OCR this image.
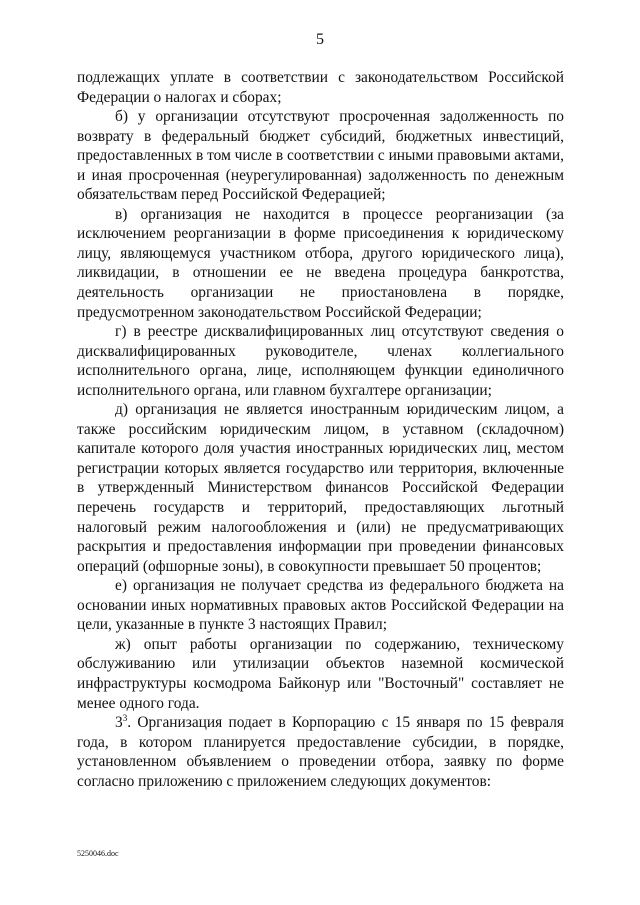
5

подлежащих уплате в соответствии с законодательством Российской Федерации о налогах и сборах;

б) у организации отсутствуют просроченная задолженность по возврату в федеральный бюджет субсидий, бюджетных инвестиций, предоставленных в том числе в соответствии с иными правовыми актами, и иная просроченная (неурегулированная) задолженность по денежным обязательствам перед Российской Федерацией;

в) организация не находится в процессе реорганизации (за исключением реорганизации в форме присоединения к юридическому лицу, являющемуся участником отбора, другого юридического лица), ликвидации, в отношении ее не введена процедура банкротства, деятельность организации не приостановлена в порядке, предусмотренном законодательством Российской Федерации;

г) в реестре дисквалифицированных лиц отсутствуют сведения о дисквалифицированных руководителе, членах коллегиального исполнительного органа, лице, исполняющем функции единоличного исполнительного органа, или главном бухгалтере организации;

д) организация не является иностранным юридическим лицом, а также российским юридическим лицом, в уставном (складочном) капитале которого доля участия иностранных юридических лиц, местом регистрации которых является государство или территория, включенные в утвержденный Министерством финансов Российской Федерации перечень государств и территорий, предоставляющих льготный налоговый режим налогообложения и (или) не предусматривающих раскрытия и предоставления информации при проведении финансовых операций (офшорные зоны), в совокупности превышает 50 процентов;

е) организация не получает средства из федерального бюджета на основании иных нормативных правовых актов Российской Федерации на цели, указанные в пункте 3 настоящих Правил;

ж) опыт работы организации по содержанию, техническому обслуживанию или утилизации объектов наземной космической инфраструктуры космодрома Байконур или "Восточный" составляет не менее одного года.

$3^3$. Организация подает в Корпорацию с 15 января по 15 февраля года, в котором планируется предоставление субсидии, в порядке, установленном объявлением о проведении отбора, заявку по форме согласно приложению с приложением следующих документов:

5250046.doc
